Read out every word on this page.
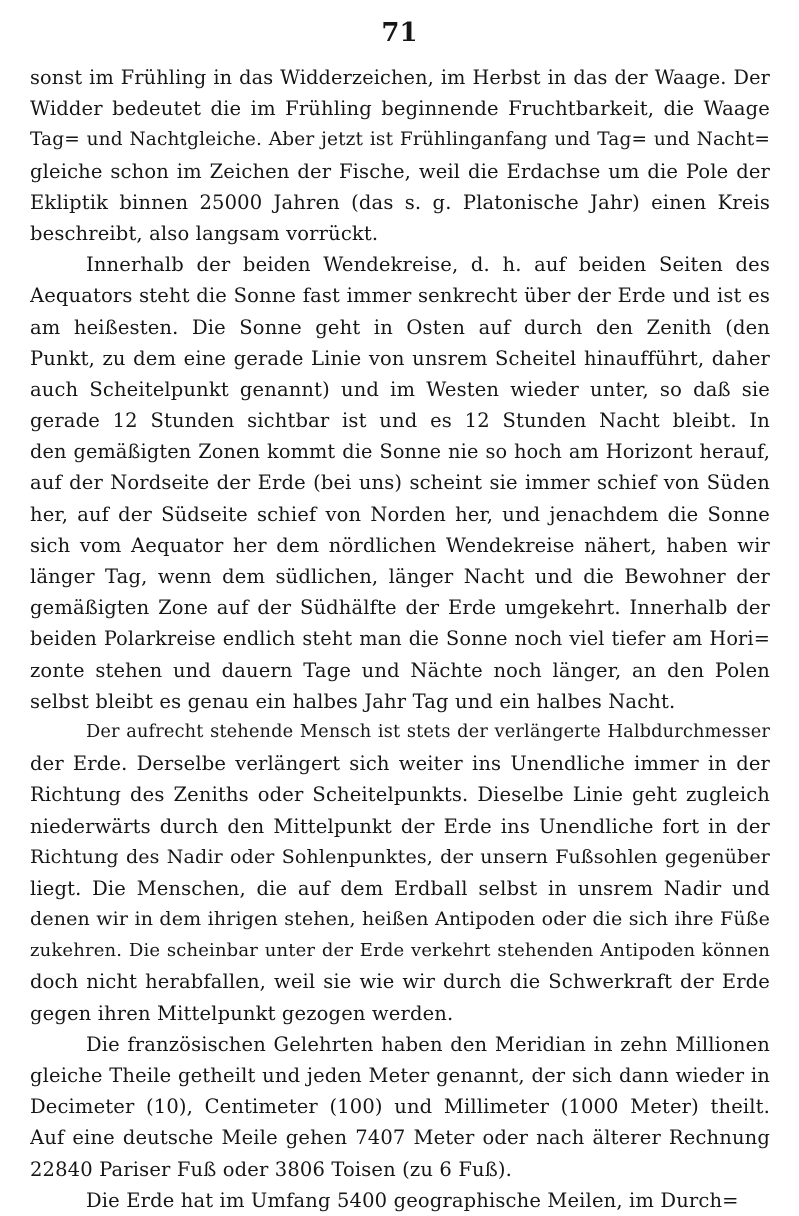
71
sonst im Frühling in das Widderzeichen, im Herbst in das der Waage. Der
Widder bedeutet die im Frühling beginnende Fruchtbarkeit, die Waage
Tag= und Nachtgleiche. Aber jetzt ist Frühlinganfang und Tag= und Nacht=
gleiche schon im Zeichen der Fische, weil die Erdachse um die Pole der
Ekliptik binnen 25000 Jahren (das s. g. Platonische Jahr) einen Kreis
beschreibt, also langsam vorrückt.
Innerhalb der beiden Wendekreise, d. h. auf beiden Seiten des
Aequators steht die Sonne fast immer senkrecht über der Erde und ist es
am heißesten. Die Sonne geht in Osten auf durch den Zenith (den
Punkt, zu dem eine gerade Linie von unsrem Scheitel hinaufführt, daher
auch Scheitelpunkt genannt) und im Westen wieder unter, so daß sie
gerade 12 Stunden sichtbar ist und es 12 Stunden Nacht bleibt. In
den gemäßigten Zonen kommt die Sonne nie so hoch am Horizont herauf,
auf der Nordseite der Erde (bei uns) scheint sie immer schief von Süden
her, auf der Südseite schief von Norden her, und jenachdem die Sonne
sich vom Aequator her dem nördlichen Wendekreise nähert, haben wir
länger Tag, wenn dem südlichen, länger Nacht und die Bewohner der
gemäßigten Zone auf der Südhälfte der Erde umgekehrt. Innerhalb der
beiden Polarkreise endlich steht man die Sonne noch viel tiefer am Hori=
zonte stehen und dauern Tage und Nächte noch länger, an den Polen
selbst bleibt es genau ein halbes Jahr Tag und ein halbes Nacht.
Der aufrecht stehende Mensch ist stets der verlängerte Halbdurchmesser
der Erde. Derselbe verlängert sich weiter ins Unendliche immer in der
Richtung des Zeniths oder Scheitelpunkts. Dieselbe Linie geht zugleich
niederwärts durch den Mittelpunkt der Erde ins Unendliche fort in der
Richtung des Nadir oder Sohlenpunktes, der unsern Fußsohlen gegenüber
liegt. Die Menschen, die auf dem Erdball selbst in unsrem Nadir und
denen wir in dem ihrigen stehen, heißen Antipoden oder die sich ihre Füße
zukehren. Die scheinbar unter der Erde verkehrt stehenden Antipoden können
doch nicht herabfallen, weil sie wie wir durch die Schwerkraft der Erde
gegen ihren Mittelpunkt gezogen werden.
Die französischen Gelehrten haben den Meridian in zehn Millionen
gleiche Theile getheilt und jeden Meter genannt, der sich dann wieder in
Decimeter (10), Centimeter (100) und Millimeter (1000 Meter) theilt.
Auf eine deutsche Meile gehen 7407 Meter oder nach älterer Rechnung
22840 Pariser Fuß oder 3806 Toisen (zu 6 Fuß).
Die Erde hat im Umfang 5400 geographische Meilen, im Durch=
